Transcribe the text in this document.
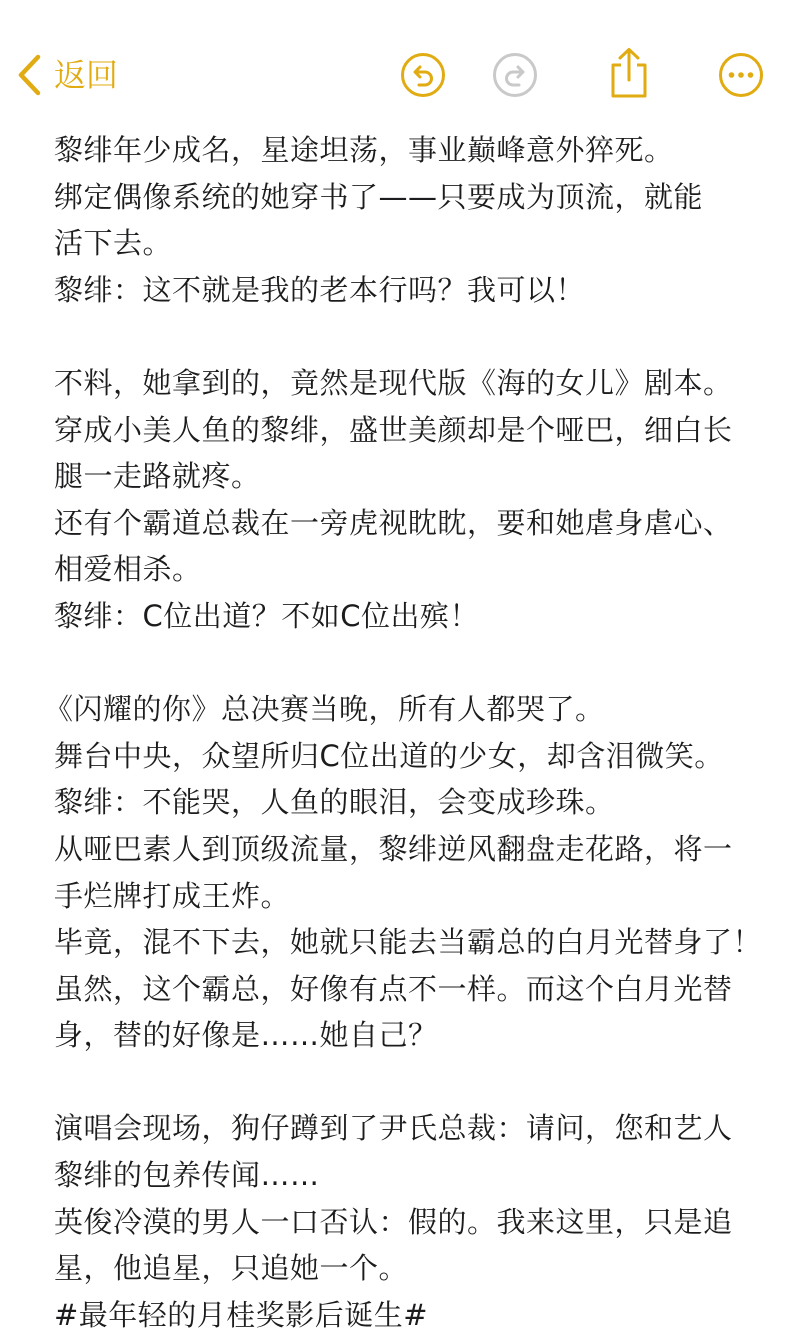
返回
黎绯年少成名，星途坦荡，事业巅峰意外猝死。
绑定偶像系统的她穿书了——只要成为顶流，就能
活下去。
黎绯：这不就是我的老本行吗？我可以！
不料，她拿到的，竟然是现代版《海的女儿》剧本。
穿成小美人鱼的黎绯，盛世美颜却是个哑巴，细白长
腿一走路就疼。
还有个霸道总裁在一旁虎视眈眈，要和她虐身虐心、
相爱相杀。
黎绯：C位出道？不如C位出殡！
《闪耀的你》总决赛当晚，所有人都哭了。
舞台中央，众望所归C位出道的少女，却含泪微笑。
黎绯：不能哭，人鱼的眼泪，会变成珍珠。
从哑巴素人到顶级流量，黎绯逆风翻盘走花路，将一
手烂牌打成王炸。
毕竟，混不下去，她就只能去当霸总的白月光替身了！
虽然，这个霸总，好像有点不一样。而这个白月光替
身，替的好像是……她自己？
演唱会现场，狗仔蹲到了尹氏总裁：请问，您和艺人
黎绯的包养传闻……
英俊冷漠的男人一口否认：假的。我来这里，只是追
星，他追星，只追她一个。
#最年轻的月桂奖影后诞生#
